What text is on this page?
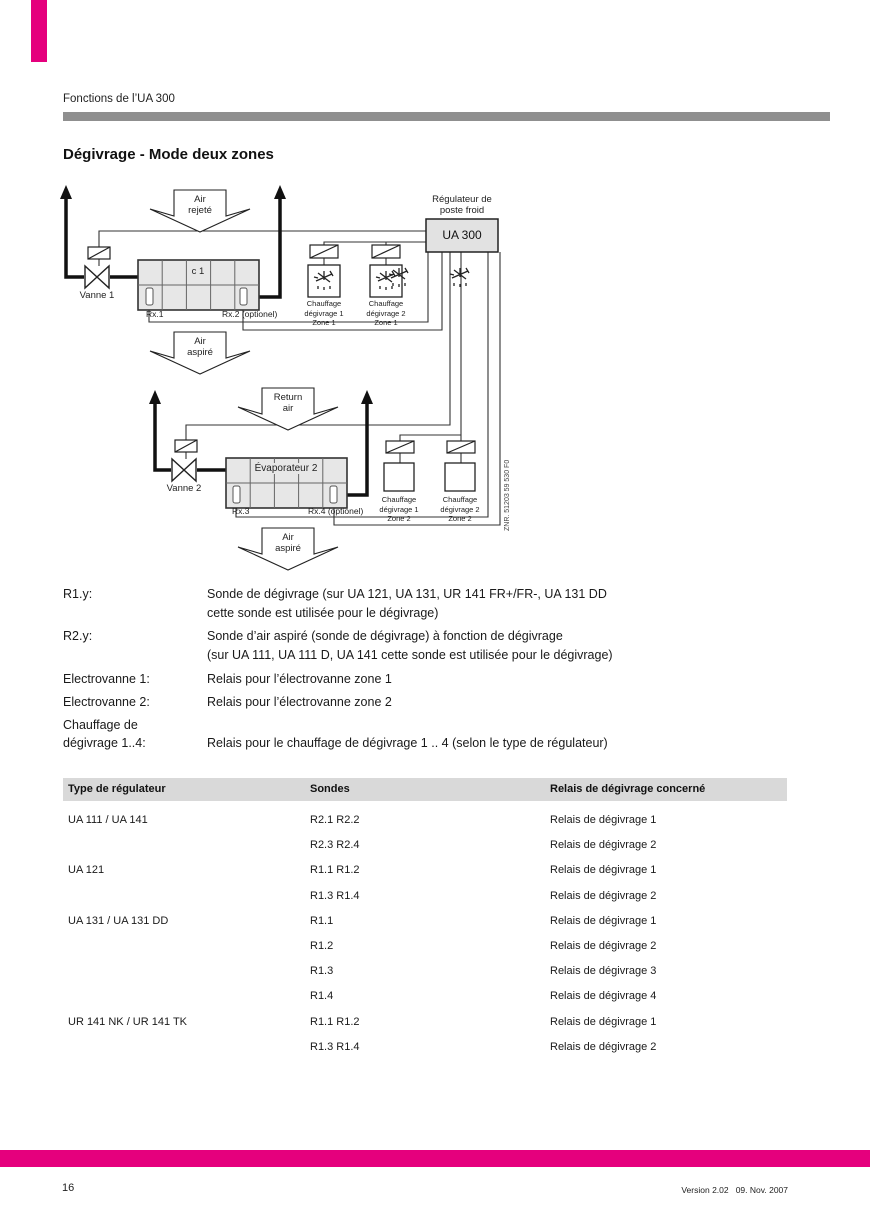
16	Version 2.02   09. Nov. 2007
Fonctions de l’UA 300
Dégivrage - Mode deux zones
Régulateur de
poste froid
UA 300
Air
rejeté
Air
aspiré
Return
air
Air
aspiré
Vanne 1
Vanne 2
c 1
Évaporateur 2
Rx.1	Rx.2 (optionel)
Rx.3	Rx.4 (optionel)
Chauffage
dégivrage 1
Zone 1
Chauffage
dégivrage 2
Zone 1
Chauffage
dégivrage 1
Zone 2
Chauffage
dégivrage 2
Zone 2	ZNR. 51203 59 530 F0
R1.y:	Sonde de dégivrage (sur UA 121, UA 131, UR 141 FR+/FR-, UA 131 DD
cette sonde est utilisée pour le dégivrage)
R2.y:	Sonde d’air aspiré (sonde de dégivrage) à fonction de dégivrage
(sur UA 111, UA 111 D, UA 141 cette sonde est utilisée pour le dégivrage)
Electrovanne 1:	Relais pour l’électrovanne zone 1
Electrovanne 2:	Relais pour l’électrovanne zone 2
Chauffage de
dégivrage 1..4:	Relais pour le chauffage de dégivrage 1 .. 4 (selon le type de régulateur)
Type de régulateur	Sondes	Relais de dégivrage concerné
UA 111 / UA 141	R2.1 R2.2	Relais de dégivrage 1
R2.3 R2.4	Relais de dégivrage 2
UA 121	R1.1 R1.2	Relais de dégivrage 1
R1.3 R1.4	Relais de dégivrage 2
UA 131 / UA 131 DD	R1.1	Relais de dégivrage 1
R1.2	Relais de dégivrage 2
R1.3	Relais de dégivrage 3
R1.4	Relais de dégivrage 4
UR 141 NK / UR 141 TK	R1.1 R1.2	Relais de dégivrage 1
R1.3 R1.4	Relais de dégivrage 2
